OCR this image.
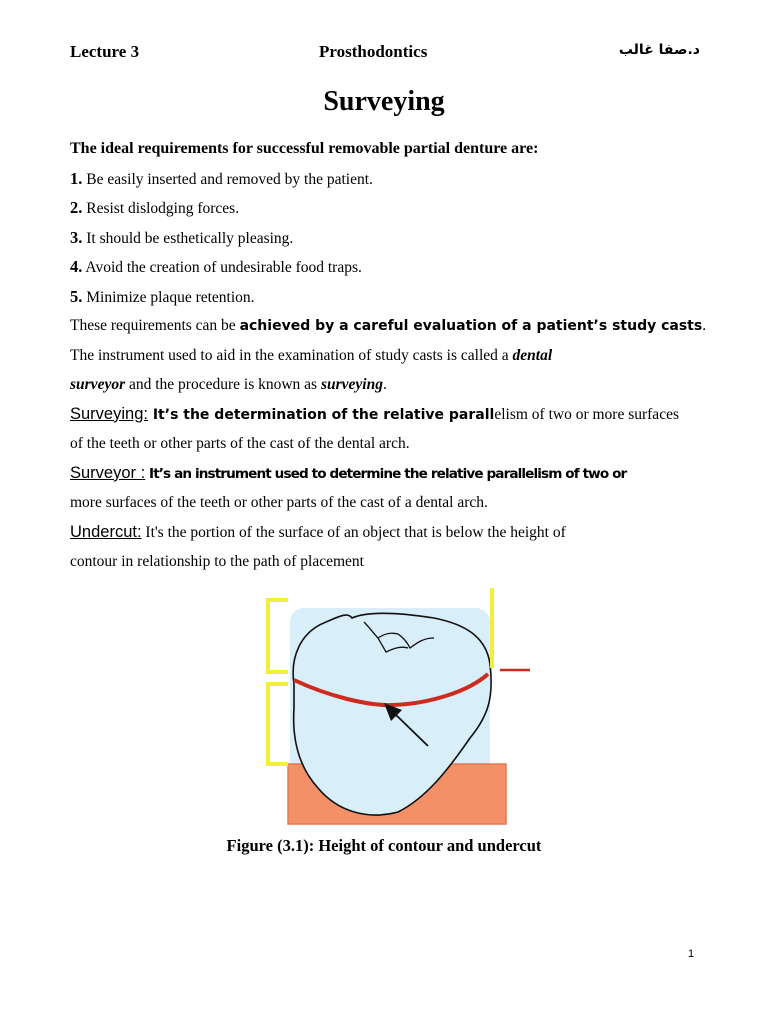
Lecture 3	Prosthodontics	د.صفا غالب
Surveying
The ideal requirements for successful removable partial denture are:
1. Be easily inserted and removed by the patient.
2. Resist dislodging forces.
3. It should be esthetically pleasing.
4. Avoid the creation of undesirable food traps.
5. Minimize plaque retention.
These requirements can be achieved by a careful evaluation of a patient’s study casts.
The instrument used to aid in the examination of study casts is called a dental
surveyor and the procedure is known as surveying.
Surveying: It’s the determination of the relative parallelism of two or more surfaces
of the teeth or other parts of the cast of the dental arch.
Surveyor : It’s an instrument used to determine the relative parallelism of two or
more surfaces of the teeth or other parts of the cast of a dental arch.
Undercut: It's the portion of the surface of an object that is below the height of
contour in relationship to the path of placement
Figure (3.1): Height of contour and undercut
1
